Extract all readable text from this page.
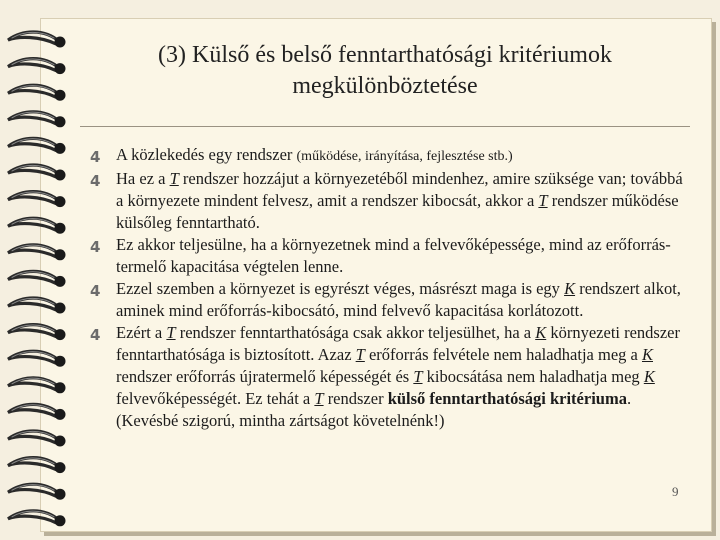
(3) Külső és belső fenntarthatósági kritériumok
megkülönböztetése
4 A közlekedés egy rendszer (működése, irányítása, fejlesztése stb.)
4 Ha ez a T rendszer hozzájut a környezetéből mindenhez, amire szüksége van; továbbá a környezete mindent felvesz, amit a rendszer kibocsát, akkor a T rendszer működése külsőleg fenntartható.
4 Ez akkor teljesülne, ha a környezetnek mind a felvevőképessége, mind az erőforrás-termelő kapacitása végtelen lenne.
4 Ezzel szemben a környezet is egyrészt véges, másrészt maga is egy K rendszert alkot, aminek mind erőforrás-kibocsátó, mind felvevő kapacitása korlátozott.
4 Ezért a T rendszer fenntarthatósága csak akkor teljesülhet, ha a K környezeti rendszer fenntarthatósága is biztosított. Azaz T erőforrás felvétele nem haladhatja meg a K rendszer erőforrás újratermelő képességét és T kibocsátása nem haladhatja meg K felvevőképességét. Ez tehát a T rendszer külső fenntarthatósági kritériuma. (Kevésbé szigorú, mintha zártságot követelnénk!)
9
